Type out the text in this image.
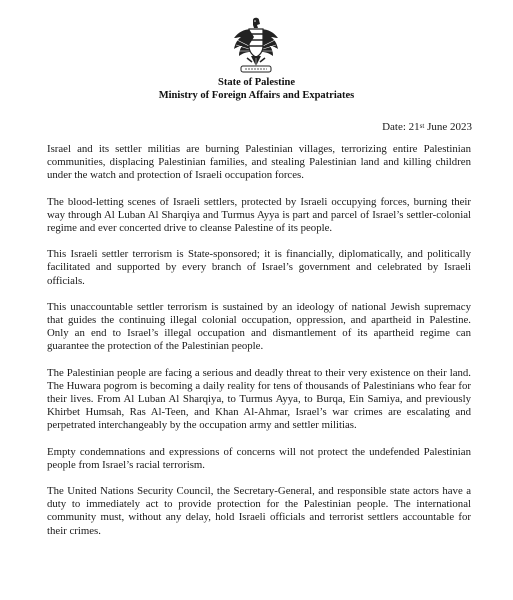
State of Palestine
Ministry of Foreign Affairs and Expatriates
Date: 21st June 2023

Israel and its settler militias are burning Palestinian villages, terrorizing entire Palestinian communities, displacing Palestinian families, and stealing Palestinian land and killing children under the watch and protection of Israeli occupation forces.

The blood-letting scenes of Israeli settlers, protected by Israeli occupying forces, burning their way through Al Luban Al Sharqiya and Turmus Ayya is part and parcel of Israel’s settler-colonial regime and ever concerted drive to cleanse Palestine of its people.

This Israeli settler terrorism is State-sponsored; it is financially, diplomatically, and politically facilitated and supported by every branch of Israel’s government and celebrated by Israeli officials.

This unaccountable settler terrorism is sustained by an ideology of national Jewish supremacy that guides the continuing illegal colonial occupation, oppression, and apartheid in Palestine. Only an end to Israel’s illegal occupation and dismantlement of its apartheid regime can guarantee the protection of the Palestinian people.

The Palestinian people are facing a serious and deadly threat to their very existence on their land. The Huwara pogrom is becoming a daily reality for tens of thousands of Palestinians who fear for their lives. From Al Luban Al Sharqiya, to Turmus Ayya, to Burqa, Ein Samiya, and previously Khirbet Humsah, Ras Al-Teen, and Khan Al-Ahmar, Israel’s war crimes are escalating and perpetrated interchangeably by the occupation army and settler militias.

Empty condemnations and expressions of concerns will not protect the undefended Palestinian people from Israel’s racial terrorism.

The United Nations Security Council, the Secretary-General, and responsible state actors have a duty to immediately act to provide protection for the Palestinian people. The international community must, without any delay, hold Israeli officials and terrorist settlers accountable for their crimes.
